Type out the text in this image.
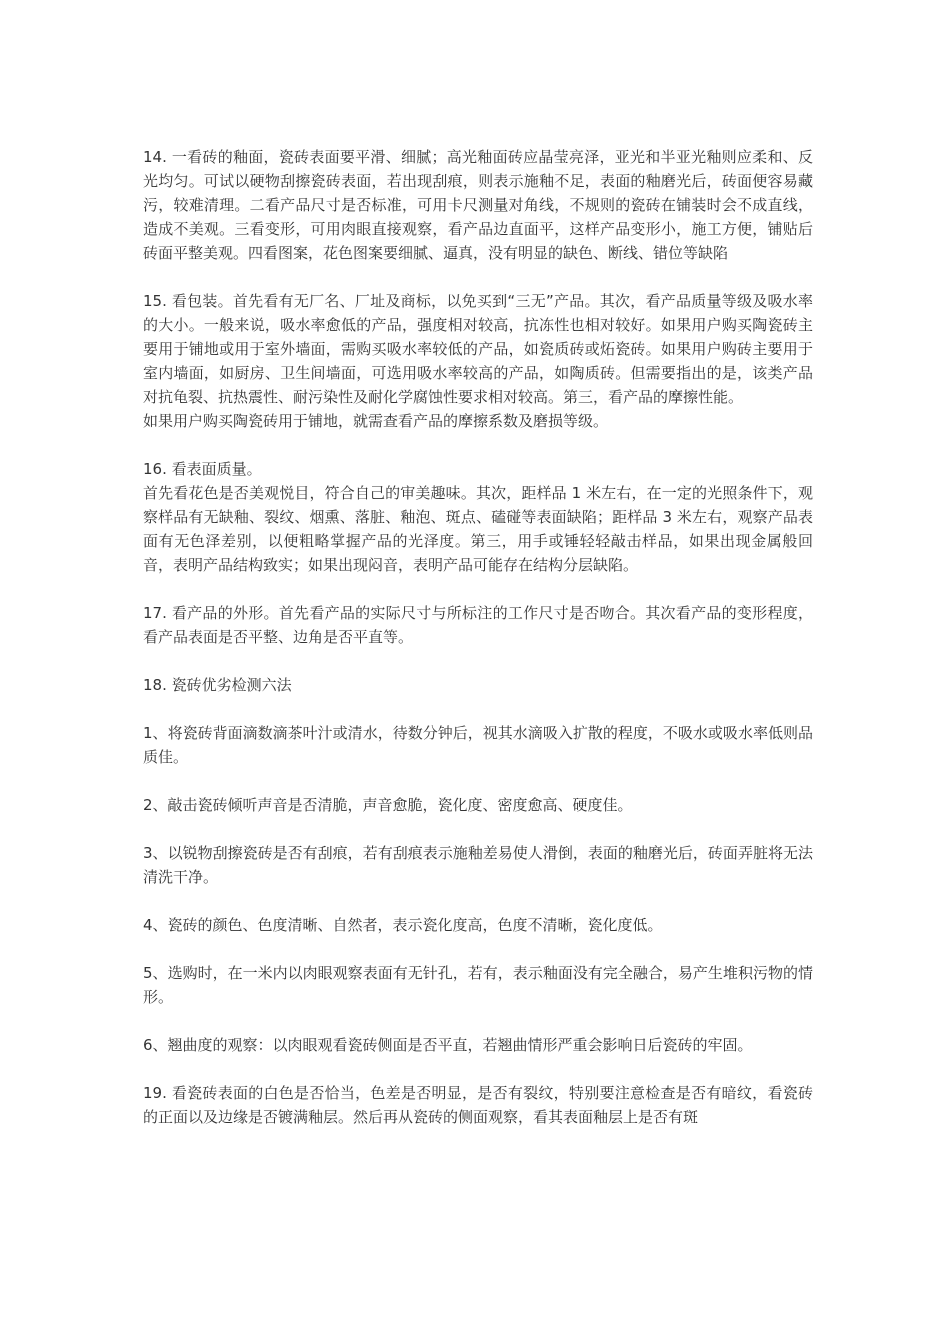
14. 一看砖的釉面，瓷砖表面要平滑、细腻；高光釉面砖应晶莹亮泽，亚光和半亚光釉则应柔和、反光均匀。可试以硬物刮擦瓷砖表面，若出现刮痕，则表示施釉不足，表面的釉磨光后，砖面便容易藏污，较难清理。二看产品尺寸是否标准，可用卡尺测量对角线，不规则的瓷砖在铺装时会不成直线，造成不美观。三看变形，可用肉眼直接观察，看产品边直面平，这样产品变形小，施工方便，铺贴后砖面平整美观。四看图案，花色图案要细腻、逼真，没有明显的缺色、断线、错位等缺陷
15. 看包装。首先看有无厂名、厂址及商标，以免买到“三无”产品。其次，看产品质量等级及吸水率的大小。一般来说，吸水率愈低的产品，强度相对较高，抗冻性也相对较好。如果用户购买陶瓷砖主要用于铺地或用于室外墙面，需购买吸水率较低的产品，如瓷质砖或炻瓷砖。如果用户购砖主要用于室内墙面，如厨房、卫生间墙面，可选用吸水率较高的产品，如陶质砖。但需要指出的是，该类产品对抗龟裂、抗热震性、耐污染性及耐化学腐蚀性要求相对较高。第三，看产品的摩擦性能。
如果用户购买陶瓷砖用于铺地，就需查看产品的摩擦系数及磨损等级。
16. 看表面质量。
首先看花色是否美观悦目，符合自己的审美趣味。其次，距样品 1 米左右，在一定的光照条件下，观察样品有无缺釉、裂纹、烟熏、落脏、釉泡、斑点、磕碰等表面缺陷；距样品 3 米左右，观察产品表面有无色泽差别，以便粗略掌握产品的光泽度。第三，用手或锤轻轻敲击样品，如果出现金属般回音，表明产品结构致实；如果出现闷音，表明产品可能存在结构分层缺陷。
17. 看产品的外形。首先看产品的实际尺寸与所标注的工作尺寸是否吻合。其次看产品的变形程度，看产品表面是否平整、边角是否平直等。
18. 瓷砖优劣检测六法
1、将瓷砖背面滴数滴茶叶汁或清水，待数分钟后，视其水滴吸入扩散的程度，不吸水或吸水率低则品质佳。
2、敲击瓷砖倾听声音是否清脆，声音愈脆，瓷化度、密度愈高、硬度佳。
3、以锐物刮擦瓷砖是否有刮痕，若有刮痕表示施釉差易使人滑倒，表面的釉磨光后，砖面弄脏将无法清洗干净。
4、瓷砖的颜色、色度清晰、自然者，表示瓷化度高，色度不清晰，瓷化度低。
5、选购时，在一米内以肉眼观察表面有无针孔，若有，表示釉面没有完全融合，易产生堆积污物的情形。
6、翘曲度的观察：以肉眼观看瓷砖侧面是否平直，若翘曲情形严重会影响日后瓷砖的牢固。
19. 看瓷砖表面的白色是否恰当，色差是否明显，是否有裂纹，特别要注意检查是否有暗纹，看瓷砖的正面以及边缘是否镀满釉层。然后再从瓷砖的侧面观察，看其表面釉层上是否有斑
